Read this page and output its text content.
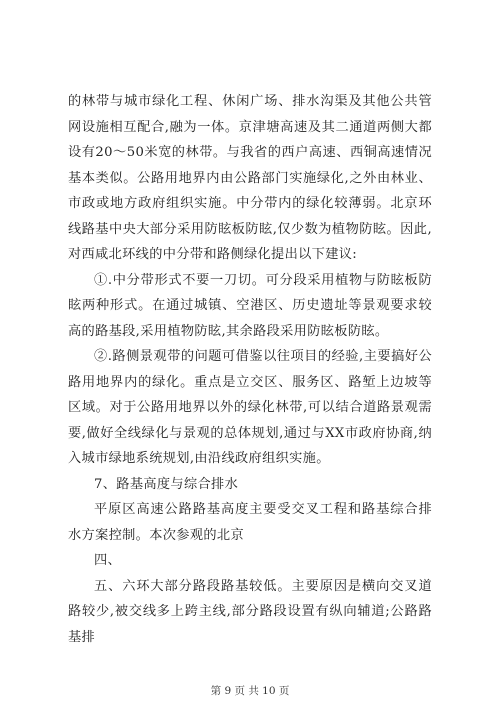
的林带与城市绿化工程、休闲广场、排水沟渠及其他公共管网设施相互配合,融为一体。京津塘高速及其二通道两侧大都设有20～50米宽的林带。与我省的西户高速、西铜高速情况基本类似。公路用地界内由公路部门实施绿化,之外由林业、市政或地方政府组织实施。中分带内的绿化较薄弱。北京环线路基中央大部分采用防眩板防眩,仅少数为植物防眩。因此,对西咸北环线的中分带和路侧绿化提出以下建议:

①.中分带形式不要一刀切。可分段采用植物与防眩板防眩两种形式。在通过城镇、空港区、历史遗址等景观要求较高的路基段,采用植物防眩,其余路段采用防眩板防眩。

②.路侧景观带的问题可借鉴以往项目的经验,主要搞好公路用地界内的绿化。重点是立交区、服务区、路堑上边坡等区域。对于公路用地界以外的绿化林带,可以结合道路景观需要,做好全线绿化与景观的总体规划,通过与XX市政府协商,纳入城市绿地系统规划,由沿线政府组织实施。

7、路基高度与综合排水

平原区高速公路路基高度主要受交叉工程和路基综合排水方案控制。本次参观的北京

四、

五、六环大部分路段路基较低。主要原因是横向交叉道路较少,被交线多上跨主线,部分路段设置有纵向辅道;公路路基排

第 9 页 共 10 页
